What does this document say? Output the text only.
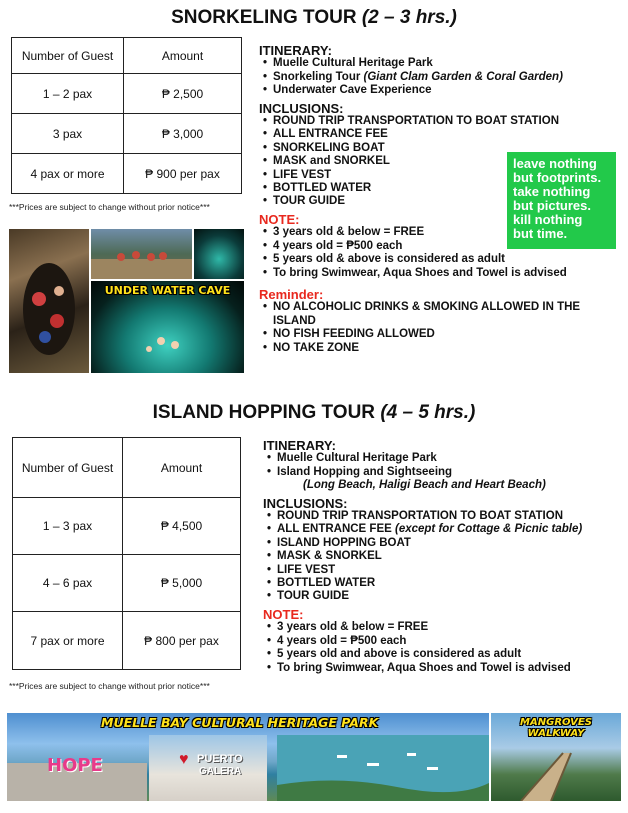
SNORKELING TOUR (2 – 3 hrs.)
Number of Guest	Amount
1 – 2 pax	₱ 2,500
3 pax	₱ 3,000
4 pax or more	₱ 900 per pax
***Prices are subject to change without prior notice***
UNDER WATER CAVE
ITINERARY:
• Muelle Cultural Heritage Park
• Snorkeling Tour (Giant Clam Garden & Coral Garden)
• Underwater Cave Experience
INCLUSIONS:
• ROUND TRIP TRANSPORTATION TO BOAT STATION
• ALL ENTRANCE FEE
• SNORKELING BOAT
• MASK and SNORKEL
• LIFE VEST
• BOTTLED WATER
• TOUR GUIDE
NOTE:
• 3 years old & below = FREE
• 4 years old = ₱500 each
• 5 years old & above is considered as adult
• To bring Swimwear, Aqua Shoes and Towel is advised
Reminder:
• NO ALCOHOLIC DRINKS & SMOKING ALLOWED IN THE ISLAND
• NO FISH FEEDING ALLOWED
• NO TAKE ZONE
leave nothing
but footprints.
take nothing
but pictures.
kill nothing
but time.
ISLAND HOPPING TOUR (4 – 5 hrs.)
Number of Guest	Amount
1 – 3 pax	₱ 4,500
4 – 6 pax	₱ 5,000
7 pax or more	₱ 800 per pax
***Prices are subject to change without prior notice***
ITINERARY:
• Muelle Cultural Heritage Park
• Island Hopping and Sightseeing
(Long Beach, Haligi Beach and Heart Beach)
INCLUSIONS:
• ROUND TRIP TRANSPORTATION TO BOAT STATION
• ALL ENTRANCE FEE (except for Cottage & Picnic table)
• ISLAND HOPPING BOAT
• MASK & SNORKEL
• LIFE VEST
• BOTTLED WATER
• TOUR GUIDE
NOTE:
• 3 years old & below = FREE
• 4 years old = ₱500 each
• 5 years old and above is considered as adult
• To bring Swimwear, Aqua Shoes and Towel is advised
MUELLE BAY CULTURAL HERITAGE PARK
HOPE	♥ PUERTO
GALERA
MANGROVES WALKWAY
